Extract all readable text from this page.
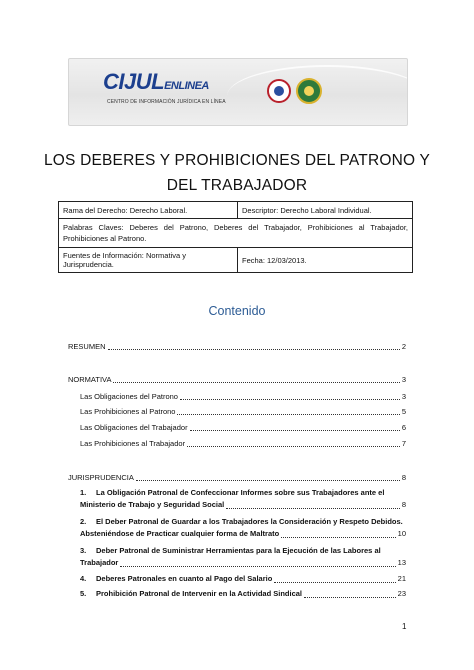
CIJULENLINEA
CENTRO DE INFORMACIÓN JURÍDICA EN LÍNEA
LOS DEBERES Y PROHIBICIONES DEL PATRONO Y
DEL TRABAJADOR
Rama del Derecho: Derecho Laboral.	Descriptor: Derecho Laboral Individual.
Palabras Claves: Deberes del Patrono, Deberes del Trabajador, Prohibiciones al Trabajador, Prohibiciones al Patrono.	
Fuentes de Información: Normativa y Jurisprudencia.	Fecha: 12/03/2013.
Contenido
RESUMEN	2
NORMATIVA	3
Las Obligaciones del Patrono	3
Las Prohibiciones al Patrono	5
Las Obligaciones del Trabajador	6
Las Prohibiciones al Trabajador	7
JURISPRUDENCIA	8
1. La Obligación Patronal de Confeccionar Informes sobre sus Trabajadores ante el
Ministerio de Trabajo y Seguridad Social	8
2. El Deber Patronal de Guardar a los Trabajadores la Consideración y Respeto Debidos.
Absteniéndose de Practicar cualquier forma de Maltrato	10
3. Deber Patronal de Suministrar Herramientas para la Ejecución de las Labores al
Trabajador	13
4.	Deberes Patronales en cuanto al Pago del Salario	21
5.	Prohibición Patronal de Intervenir en la Actividad Sindical	23
1
